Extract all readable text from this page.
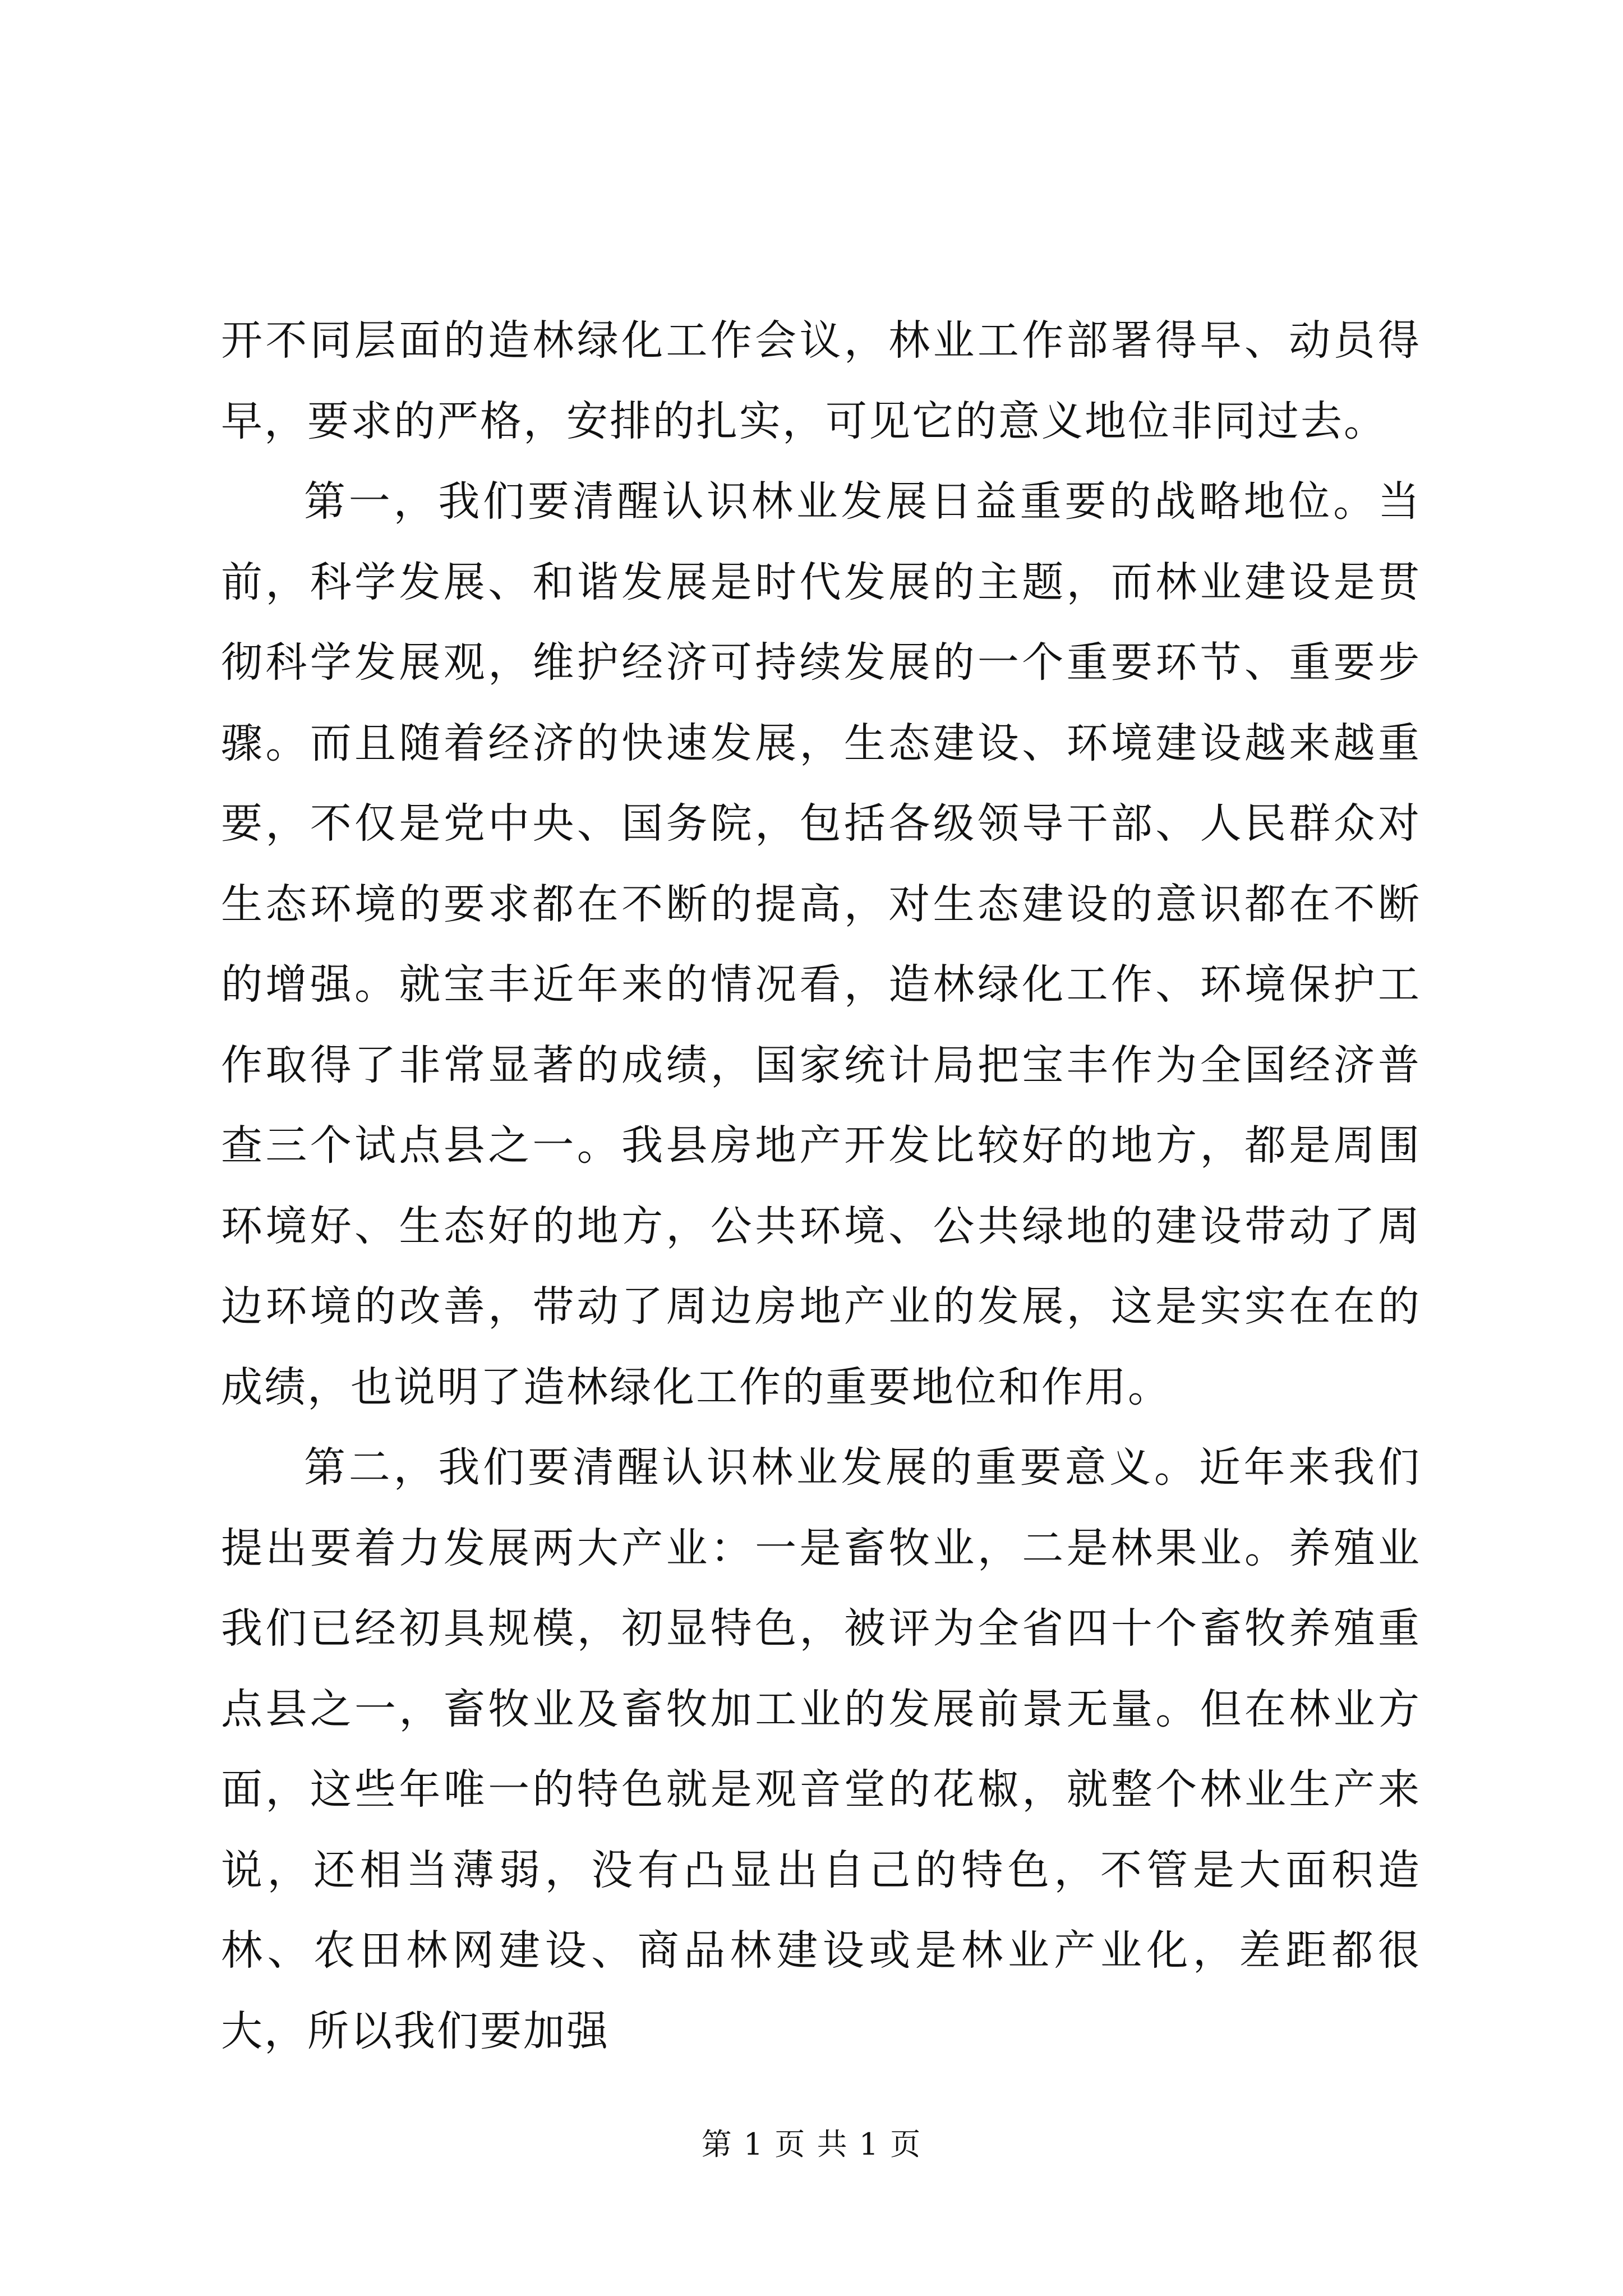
开不同层面的造林绿化工作会议，林业工作部署得早、动员得早，要求的严格，安排的扎实，可见它的意义地位非同过去。

第一，我们要清醒认识林业发展日益重要的战略地位。当前，科学发展、和谐发展是时代发展的主题，而林业建设是贯彻科学发展观，维护经济可持续发展的一个重要环节、重要步骤。而且随着经济的快速发展，生态建设、环境建设越来越重要，不仅是党中央、国务院，包括各级领导干部、人民群众对生态环境的要求都在不断的提高，对生态建设的意识都在不断的增强。就宝丰近年来的情况看，造林绿化工作、环境保护工作取得了非常显著的成绩，国家统计局把宝丰作为全国经济普查三个试点县之一。我县房地产开发比较好的地方，都是周围环境好、生态好的地方，公共环境、公共绿地的建设带动了周边环境的改善，带动了周边房地产业的发展，这是实实在在的成绩，也说明了造林绿化工作的重要地位和作用。

第二，我们要清醒认识林业发展的重要意义。近年来我们提出要着力发展两大产业：一是畜牧业，二是林果业。养殖业我们已经初具规模，初显特色，被评为全省四十个畜牧养殖重点县之一，畜牧业及畜牧加工业的发展前景无量。但在林业方面，这些年唯一的特色就是观音堂的花椒，就整个林业生产来说，还相当薄弱，没有凸显出自己的特色，不管是大面积造林、农田林网建设、商品林建设或是林业产业化，差距都很大，所以我们要加强

第 1 页 共 1 页
